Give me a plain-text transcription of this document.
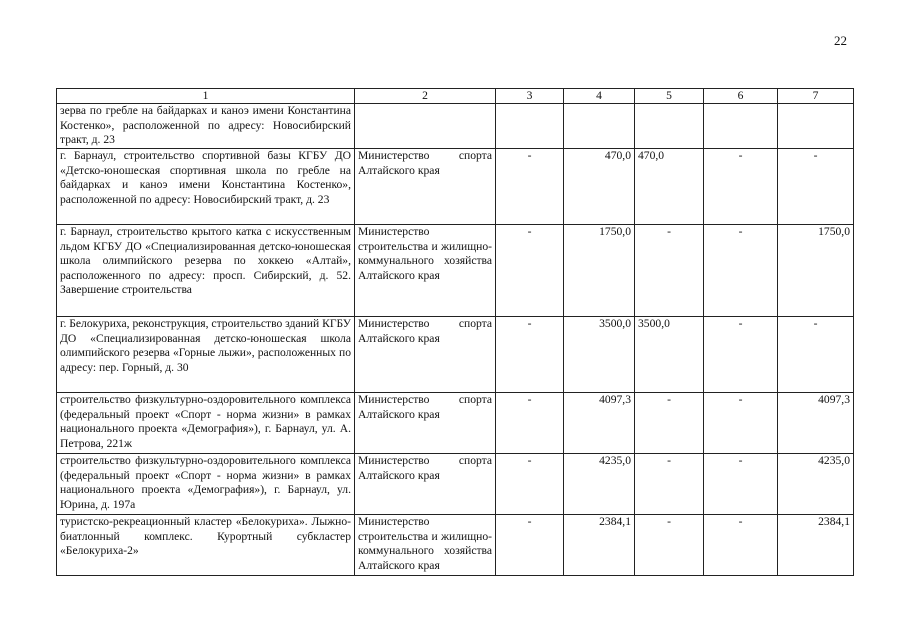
22
1	2	3	4	5	6	7
зерва по гребле на байдарках и каноэ имени Константина Костенко», расположенной по адресу: Новосибирский тракт, д. 23						
г. Барнаул, строительство спортивной базы КГБУ ДО «Детско-юношеская спортивная школа по гребле на байдарках и каноэ имени Константина Костенко», расположенной по адресу: Новосибирский тракт, д. 23	Министерство спорта Алтайского края	-	470,0	470,0	-	-
г. Барнаул, строительство крытого катка с искусственным льдом КГБУ ДО «Специализированная детско-юношеская школа олимпийского резерва по хоккею «Алтай», расположенного по адресу: просп. Сибирский, д. 52. Завершение строительства	Министерство строительства и жилищно-коммунального хозяйства Алтайского края	-	1750,0	-	-	1750,0
г. Белокуриха, реконструкция, строительство зданий КГБУ ДО «Специализированная детско-юношеская школа олимпийского резерва «Горные лыжи», расположенных по адресу: пер. Горный, д. 30	Министерство спорта Алтайского края	-	3500,0	3500,0	-	-
строительство физкультурно-оздоровительного комплекса (федеральный проект «Спорт - норма жизни» в рамках национального проекта «Демография»), г. Барнаул, ул. А. Петрова, 221ж	Министерство спорта Алтайского края	-	4097,3	-	-	4097,3
строительство физкультурно-оздоровительного комплекса (федеральный проект «Спорт - норма жизни» в рамках национального проекта «Демография»), г. Барнаул, ул. Юрина, д. 197а	Министерство спорта Алтайского края	-	4235,0	-	-	4235,0
туристско-рекреационный кластер «Белокуриха». Лыжно-биатлонный комплекс. Курортный субкластер «Белокуриха-2»	Министерство строительства и жилищно-коммунального хозяйства Алтайского края	-	2384,1	-	-	2384,1
